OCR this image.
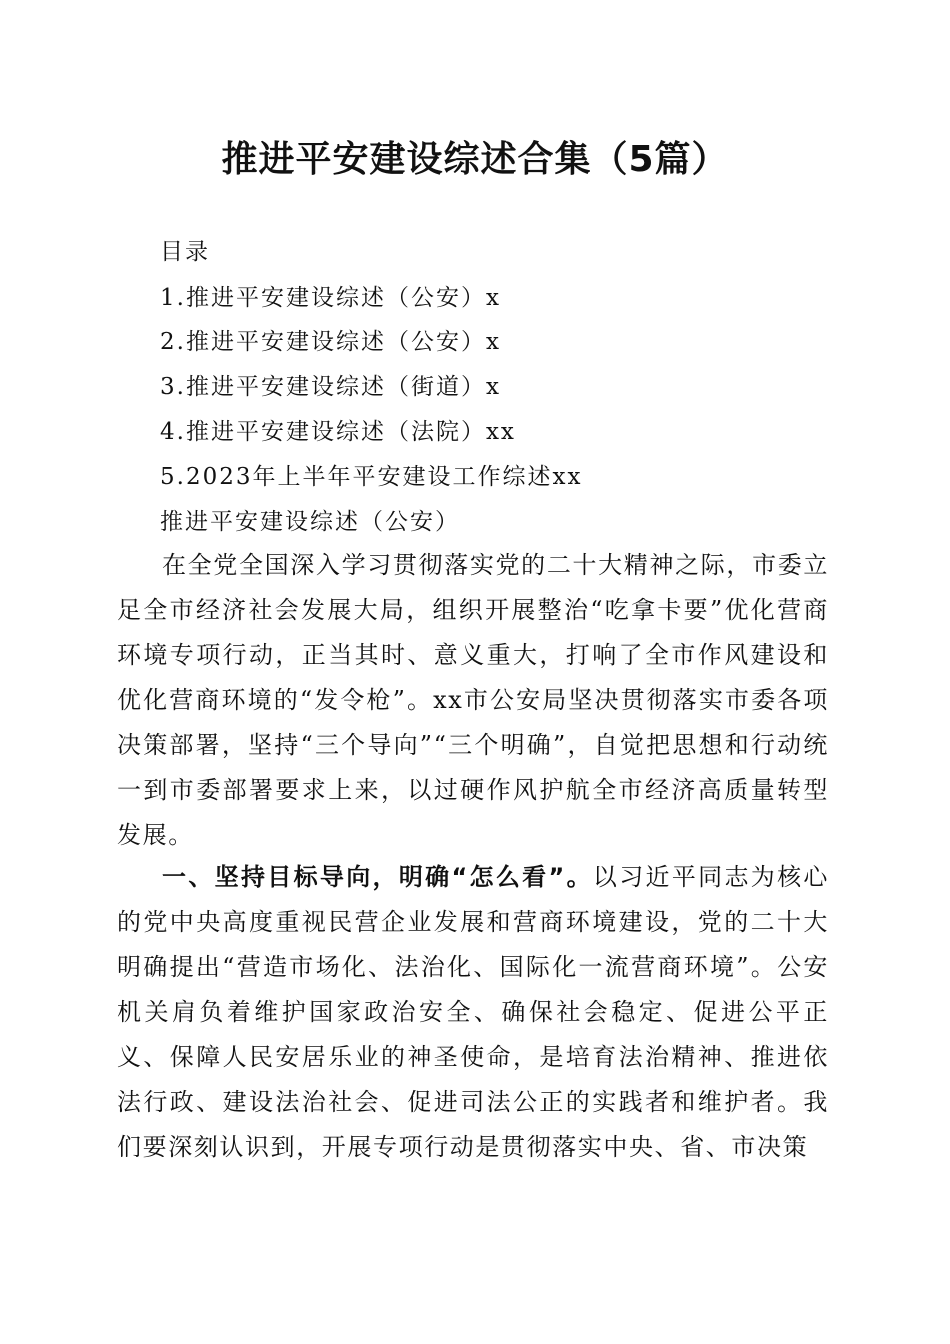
推进平安建设综述合集（5篇）
目录
1.推进平安建设综述（公安）x
2.推进平安建设综述（公安）x
3.推进平安建设综述（街道）x
4.推进平安建设综述（法院）xx
5.2023年上半年平安建设工作综述xx
推进平安建设综述（公安）

在全党全国深入学习贯彻落实党的二十大精神之际，市委立足全市经济社会发展大局，组织开展整治“吃拿卡要”优化营商环境专项行动，正当其时、意义重大，打响了全市作风建设和优化营商环境的“发令枪”。xx市公安局坚决贯彻落实市委各项决策部署，坚持“三个导向”“三个明确”，自觉把思想和行动统一到市委部署要求上来，以过硬作风护航全市经济高质量转型发展。

一、坚持目标导向，明确“怎么看”。以习近平同志为核心的党中央高度重视民营企业发展和营商环境建设，党的二十大明确提出“营造市场化、法治化、国际化一流营商环境”。公安机关肩负着维护国家政治安全、确保社会稳定、促进公平正义、保障人民安居乐业的神圣使命，是培育法治精神、推进依法行政、建设法治社会、促进司法公正的实践者和维护者。我们要深刻认识到，开展专项行动是贯彻落实中央、省、市决策
